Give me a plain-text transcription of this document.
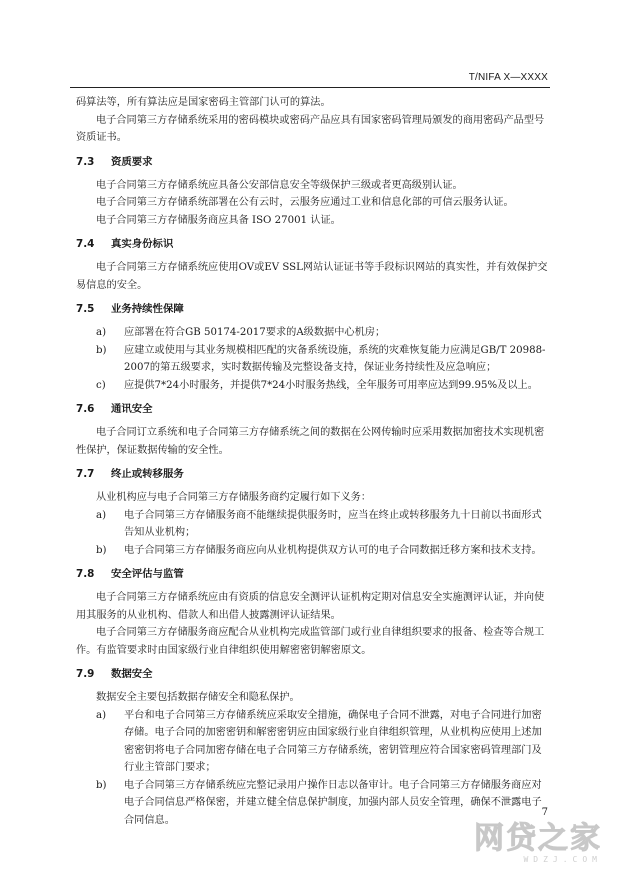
T/NIFA X—XXXX

码算法等，所有算法应是国家密码主管部门认可的算法。

电子合同第三方存储系统采用的密码模块或密码产品应具有国家密码管理局颁发的商用密码产品型号资质证书。

7.3	资质要求

电子合同第三方存储系统应具备公安部信息安全等级保护三级或者更高级别认证。

电子合同第三方存储系统部署在公有云时，云服务应通过工业和信息化部的可信云服务认证。

电子合同第三方存储服务商应具备 ISO 27001 认证。

7.4	真实身份标识

电子合同第三方存储系统应使用OV或EV SSL网站认证证书等手段标识网站的真实性，并有效保护交易信息的安全。

7.5	业务持续性保障
a)	应部署在符合GB 50174-2017要求的A级数据中心机房；
b)	应建立或使用与其业务规模相匹配的灾备系统设施，系统的灾难恢复能力应满足GB/T 20988-2007的第五级要求，实时数据传输及完整设备支持，保证业务持续性及应急响应；
c)	应提供7*24小时服务，并提供7*24小时服务热线，全年服务可用率应达到99.95%及以上。
7.6	通讯安全

电子合同订立系统和电子合同第三方存储系统之间的数据在公网传输时应采用数据加密技术实现机密性保护，保证数据传输的安全性。

7.7	终止或转移服务

从业机构应与电子合同第三方存储服务商约定履行如下义务：

a)	电子合同第三方存储服务商不能继续提供服务时，应当在终止或转移服务九十日前以书面形式告知从业机构；
b)	电子合同第三方存储服务商应向从业机构提供双方认可的电子合同数据迁移方案和技术支持。
7.8	安全评估与监管

电子合同第三方存储系统应由有资质的信息安全测评认证机构定期对信息安全实施测评认证，并向使用其服务的从业机构、借款人和出借人披露测评认证结果。

电子合同第三方存储服务商应配合从业机构完成监管部门或行业自律组织要求的报备、检查等合规工作。有监管要求时由国家级行业自律组织使用解密密钥解密原文。

7.9	数据安全

数据安全主要包括数据存储安全和隐私保护。

a)	平台和电子合同第三方存储系统应采取安全措施，确保电子合同不泄露，对电子合同进行加密存储。电子合同的加密密钥和解密密钥应由国家级行业自律组织管理，从业机构应使用上述加密密钥将电子合同加密存储在电子合同第三方存储系统，密钥管理应符合国家密码管理部门及行业主管部门要求；
b)	电子合同第三方存储系统应完整记录用户操作日志以备审计。电子合同第三方存储服务商应对电子合同信息严格保密，并建立健全信息保护制度，加强内部人员安全管理，确保不泄露电子合同信息。
7
网贷之家
WDZJ.COM
